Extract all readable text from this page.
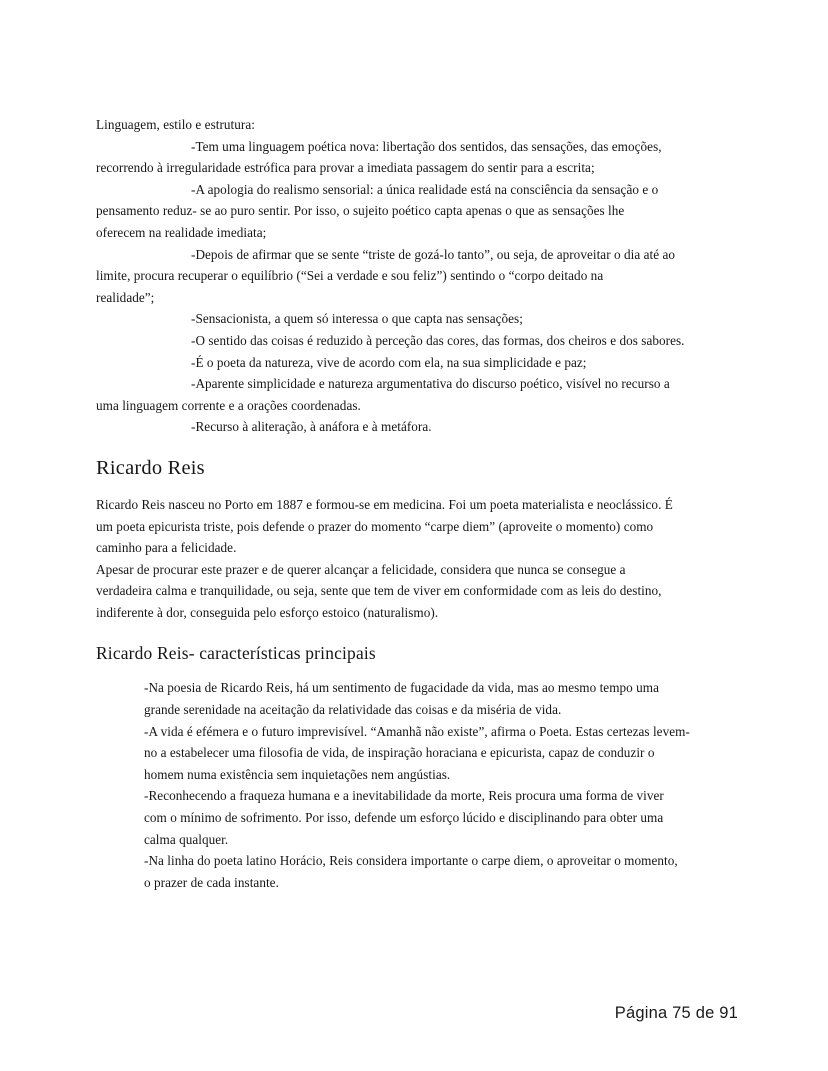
Linguagem, estilo e estrutura:
-Tem uma linguagem poética nova: libertação dos sentidos, das sensações, das emoções,
recorrendo à irregularidade estrófica para provar a imediata passagem do sentir para a escrita;
-A apologia do realismo sensorial: a única realidade está na consciência da sensação e o
pensamento reduz- se ao puro sentir. Por isso, o sujeito poético capta apenas o que as sensações lhe
oferecem na realidade imediata;
-Depois de afirmar que se sente “triste de gozá-lo tanto”, ou seja, de aproveitar o dia até ao
limite, procura recuperar o equilíbrio (“Sei a verdade e sou feliz”) sentindo o “corpo deitado na
realidade”;
-Sensacionista, a quem só interessa o que capta nas sensações;
-O sentido das coisas é reduzido à perceção das cores, das formas, dos cheiros e dos sabores.
-É o poeta da natureza, vive de acordo com ela, na sua simplicidade e paz;
-Aparente simplicidade e natureza argumentativa do discurso poético, visível no recurso a
uma linguagem corrente e a orações coordenadas.
-Recurso à aliteração, à anáfora e à metáfora.
Ricardo Reis
Ricardo Reis nasceu no Porto em 1887 e formou-se em medicina. Foi um poeta materialista e neoclássico. É
um poeta epicurista triste, pois defende o prazer do momento “carpe diem” (aproveite o momento) como
caminho para a felicidade.
Apesar de procurar este prazer e de querer alcançar a felicidade, considera que nunca se consegue a
verdadeira calma e tranquilidade, ou seja, sente que tem de viver em conformidade com as leis do destino,
indiferente à dor, conseguida pelo esforço estoico (naturalismo).
Ricardo Reis- características principais
-Na poesia de Ricardo Reis, há um sentimento de fugacidade da vida, mas ao mesmo tempo uma
grande serenidade na aceitação da relatividade das coisas e da miséria de vida.
-A vida é efémera e o futuro imprevisível. “Amanhã não existe”, afirma o Poeta. Estas certezas levem-
no a estabelecer uma filosofia de vida, de inspiração horaciana e epicurista, capaz de conduzir o
homem numa existência sem inquietações nem angústias.
-Reconhecendo a fraqueza humana e a inevitabilidade da morte, Reis procura uma forma de viver
com o mínimo de sofrimento. Por isso, defende um esforço lúcido e disciplinando para obter uma
calma qualquer.
-Na linha do poeta latino Horácio, Reis considera importante o carpe diem, o aproveitar o momento,
o prazer de cada instante.
Página 75 de 91
